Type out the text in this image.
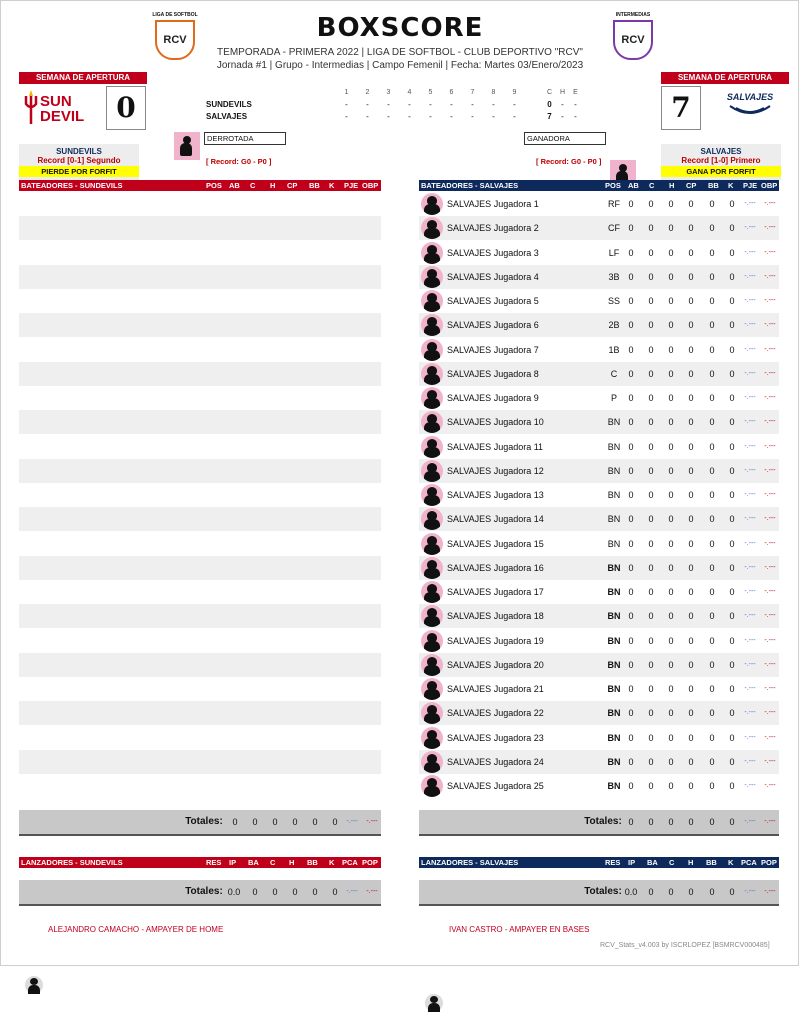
LIGA DE SOFTBOL
RCV
INTERMEDIAS
RCV
BOXSCORE
TEMPORADA - PRIMERA 2022 | LIGA DE SOFTBOL - CLUB DEPORTIVO "RCV"
Jornada #1 | Grupo - Intermedias | Campo Femenil | Fecha: Martes 03/Enero/2023
SEMANA DE APERTURA
SUN
DEVIL	0
SEMANA DE APERTURA
7	SALVAJES
	1	2	3	4	5	6	7	8	9		C	H	E
SUNDEVILS	-	-	-	-	-	-	-	-	-		0	-	-
SALVAJES	-	-	-	-	-	-	-	-	-		7	-	-
DERROTADA
[ Record: G0 - P0 ]
GANADORA
[ Record: G0 - P0 ]
SUNDEVILS
Record [0-1] Segundo
PIERDE POR FORFIT
SALVAJES
Record [1-0] Primero
GANA POR FORFIT
BATEADORES - SUNDEVILS	POS AB C H CP BB K PJE OBP	BATEADORES - SALVAJES	POS AB C H CP BB K PJE OBP
SALVAJES Jugadora 1	RF 0	0	0	0	0	0	-.---	-.---
SALVAJES Jugadora 2	CF 0	0	0	0	0	0	-.---	-.---
SALVAJES Jugadora 3	LF	0	0	0	0	0	0	-.---	-.---
SALVAJES Jugadora 4	3B 0	0	0	0	0	0	-.---	-.---
SALVAJES Jugadora 5	SS 0	0	0	0	0	0	-.---	-.---
SALVAJES Jugadora 6	2B 0	0	0	0	0	0	-.---	-.---
SALVAJES Jugadora 7	1B 0	0	0	0	0	0	-.---	-.---
SALVAJES Jugadora 8	C	0	0	0	0	0	0	-.---	-.---
SALVAJES Jugadora 9	P	0	0	0	0	0	0	-.---	-.---
SALVAJES Jugadora 10	BN 0	0	0	0	0	0	-.---	-.---
SALVAJES Jugadora 11	BN 0	0	0	0	0	0	-.---	-.---
SALVAJES Jugadora 12	BN 0	0	0	0	0	0	-.---	-.---
SALVAJES Jugadora 13	BN 0	0	0	0	0	0	-.---	-.---
SALVAJES Jugadora 14	BN 0	0	0	0	0	0	-.---	-.---
SALVAJES Jugadora 15	BN 0	0	0	0	0	0	-.---	-.---
SALVAJES Jugadora 16	BN 0	0	0	0	0	0	-.---	-.---
SALVAJES Jugadora 17	BN 0	0	0	0	0	0	-.---	-.---
SALVAJES Jugadora 18	BN 0	0	0	0	0	0	-.---	-.---
SALVAJES Jugadora 19	BN 0	0	0	0	0	0	-.---	-.---
SALVAJES Jugadora 20	BN 0	0	0	0	0	0	-.---	-.---
SALVAJES Jugadora 21	BN 0	0	0	0	0	0	-.---	-.---
SALVAJES Jugadora 22	BN 0	0	0	0	0	0	-.---	-.---
SALVAJES Jugadora 23	BN 0	0	0	0	0	0	-.---	-.---
SALVAJES Jugadora 24	BN 0	0	0	0	0	0	-.---	-.---
SALVAJES Jugadora 25	BN 0	0	0	0	0	0	-.---	-.---
Totales:	0	0	0	0	0	0	-.---	-.---	Totales: 0	0	0	0	0	0	-.---	-.---
LANZADORES - SUNDEVILS	RES IP BA C H BB K PCA POP	LANZADORES - SALVAJES	RES IP BA C H BB K PCA POP
Totales: 0.0	0	0	0	0	0	-.---	-.---	Totales: 0.0	0	0	0	0	0	-.---	-.---
ALEJANDRO CAMACHO - AMPAYER DE HOME	IVAN CASTRO - AMPAYER EN BASES
RCV_Stats_v4.003 by ISCRLOPEZ [BSMRCV000485]
